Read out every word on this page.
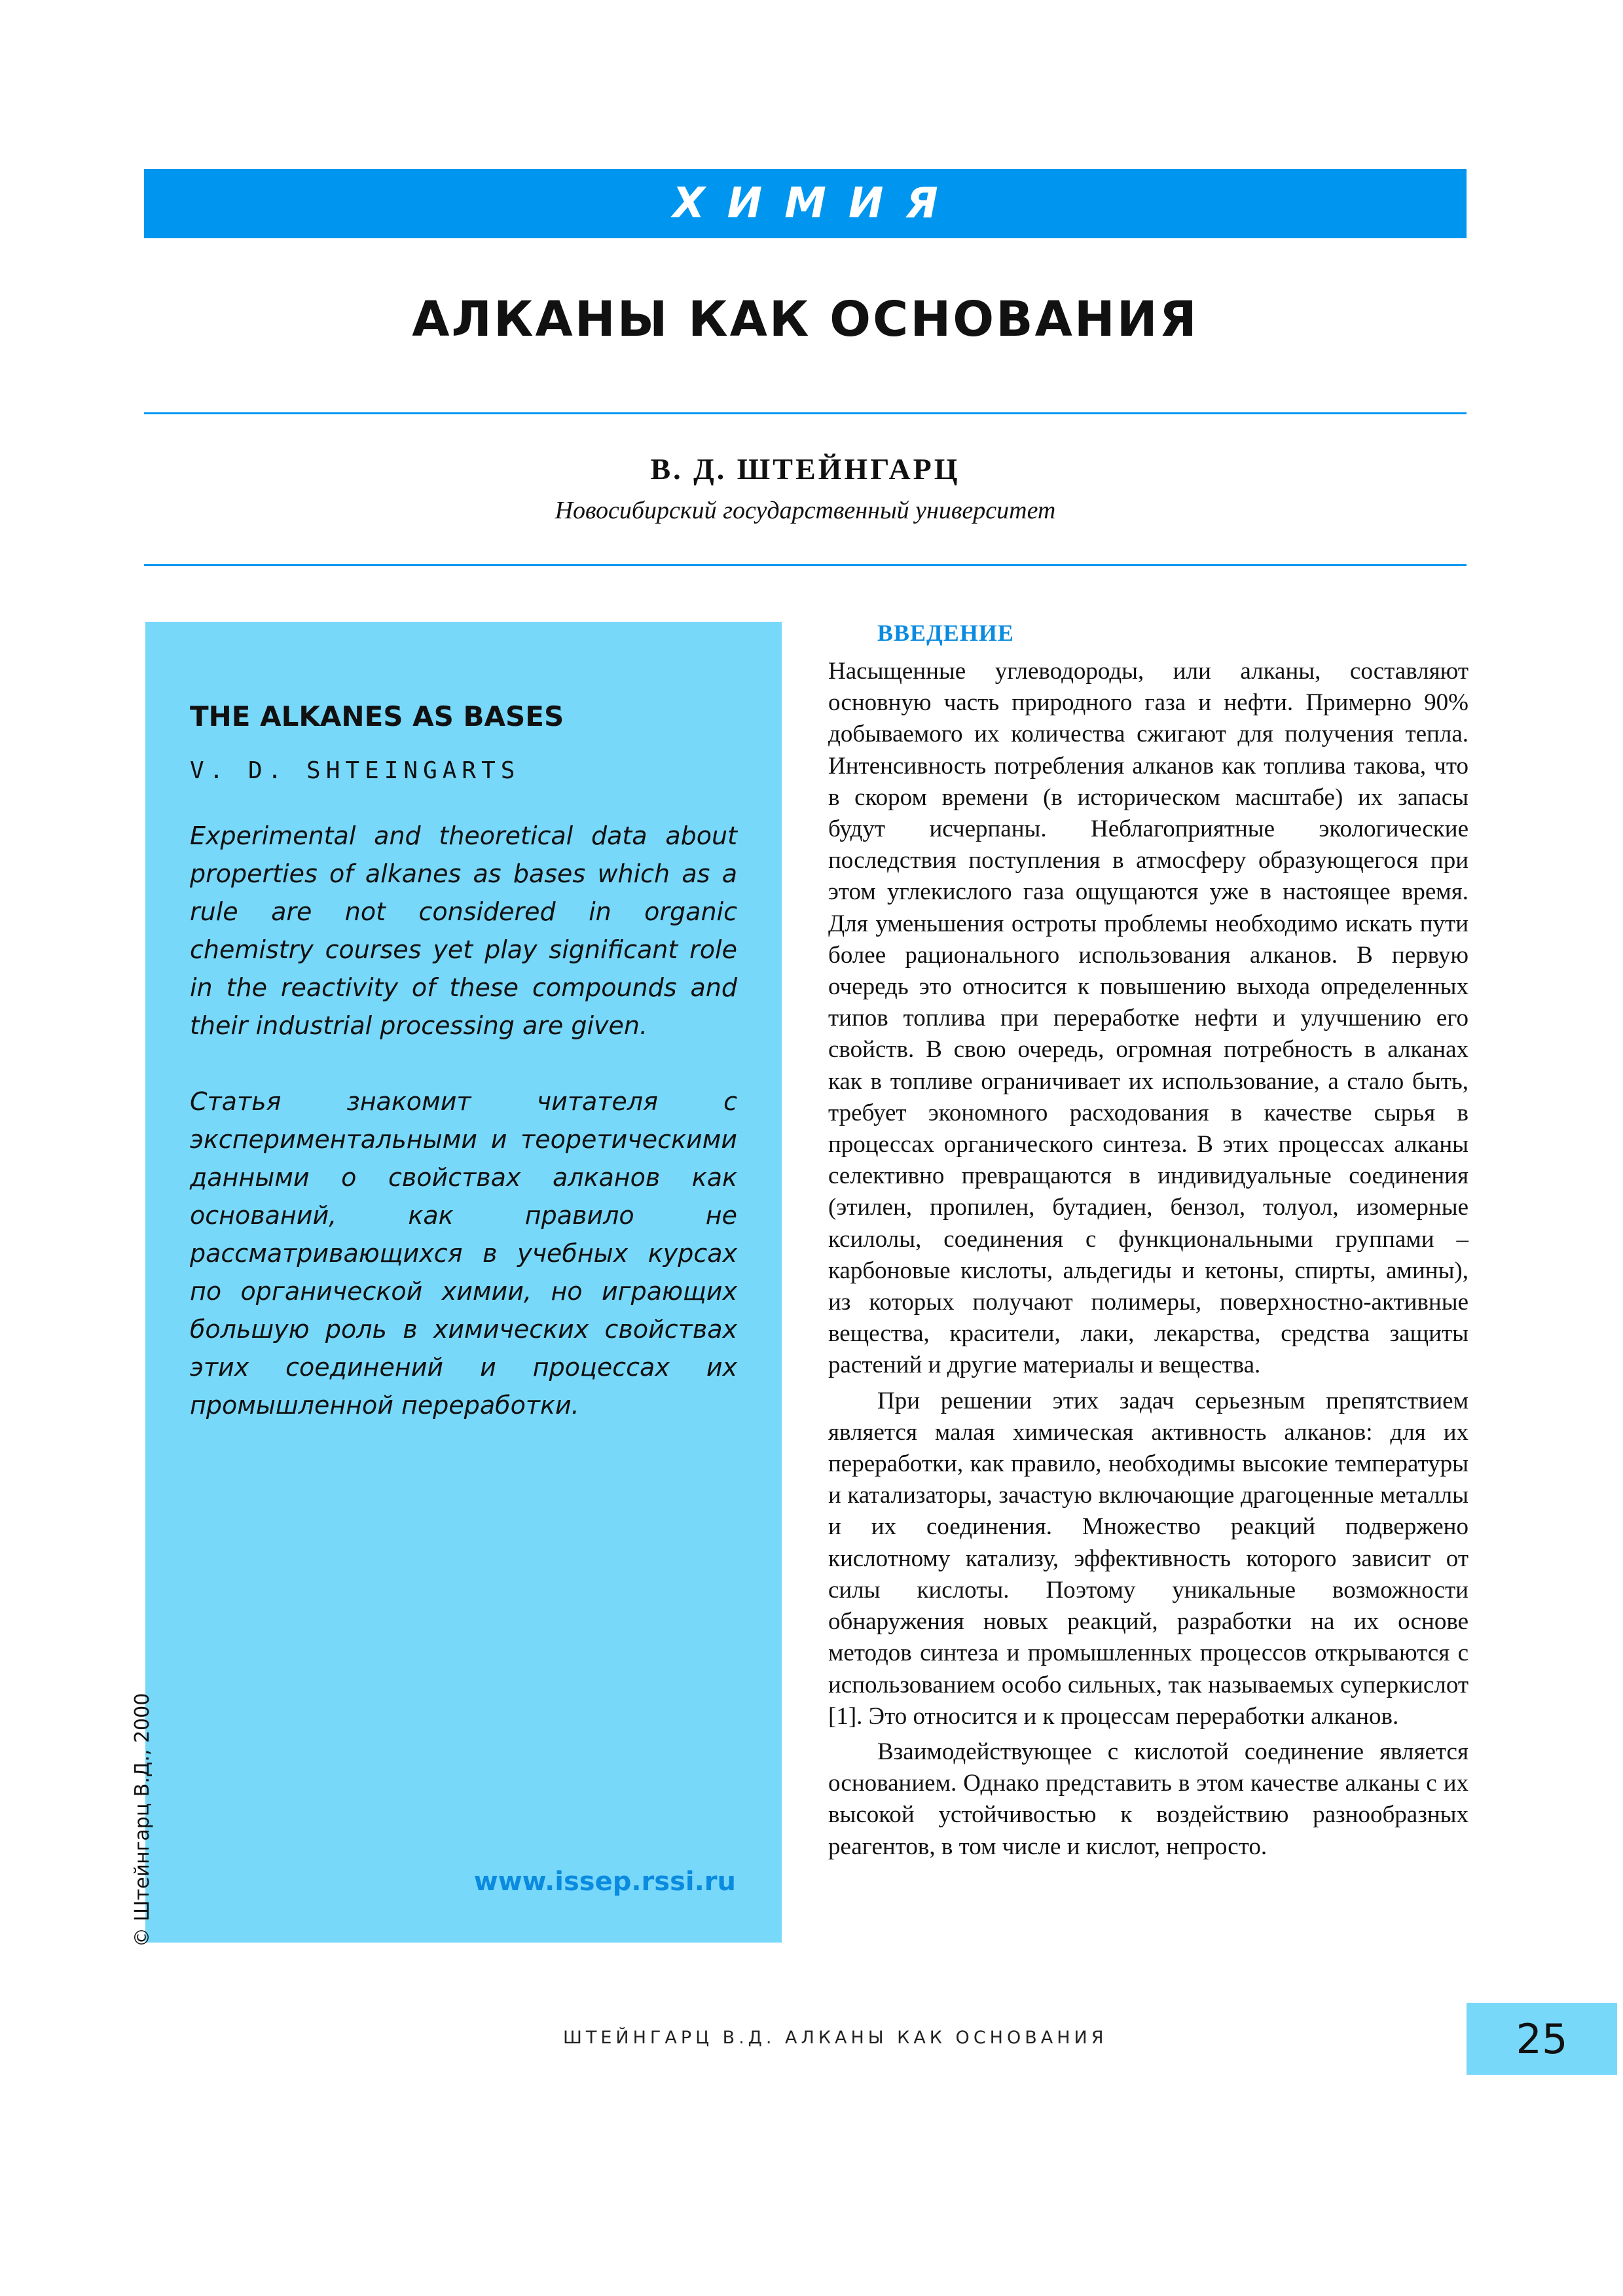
ХИМИЯ
АЛКАНЫ КАК ОСНОВАНИЯ
В. Д. ШТЕЙНГАРЦ
Новосибирский государственный университет
THE ALKANES AS BASES
V. D. SHTEINGARTS
Experimental and theoretical data about properties of alkanes as bases which as a rule are not considered in organic chemistry courses yet play significant role in the reactivity of these compounds and their industrial processing are given.
Статья знакомит читателя с экспериментальными и теоретическими данными о свойствах алканов как оснований, как правило не рассматривающихся в учебных курсах по органической химии, но играющих большую роль в химических свойствах этих соединений и процессах их промышленной переработки.
www.issep.rssi.ru
© Штейнгарц В.Д., 2000
ВВЕДЕНИЕ

Насыщенные углеводороды, или алканы, составляют основную часть природного газа и нефти. Примерно 90% добываемого их количества сжигают для получения тепла. Интенсивность потребления алканов как топлива такова, что в скором времени (в историческом масштабе) их запасы будут исчерпаны. Неблагоприятные экологические последствия поступления в атмосферу образующегося при этом углекислого газа ощущаются уже в настоящее время. Для уменьшения остроты проблемы необходимо искать пути более рационального использования алканов. В первую очередь это относится к повышению выхода определенных типов топлива при переработке нефти и улучшению его свойств. В свою очередь, огромная потребность в алканах как в топливе ограничивает их использование, а стало быть, требует экономного расходования в качестве сырья в процессах органического синтеза. В этих процессах алканы селективно превращаются в индивидуальные соединения (этилен, пропилен, бутадиен, бензол, толуол, изомерные ксилолы, соединения с функциональными группами – карбоновые кислоты, альдегиды и кетоны, спирты, амины), из которых получают полимеры, поверхностно-активные вещества, красители, лаки, лекарства, средства защиты растений и другие материалы и вещества.

При решении этих задач серьезным препятствием является малая химическая активность алканов: для их переработки, как правило, необходимы высокие температуры и катализаторы, зачастую включающие драгоценные металлы и их соединения. Множество реакций подвержено кислотному катализу, эффективность которого зависит от силы кислоты. Поэтому уникальные возможности обнаружения новых реакций, разработки на их основе методов синтеза и промышленных процессов открываются с использованием особо сильных, так называемых суперкислот [1]. Это относится и к процессам переработки алканов.

Взаимодействующее с кислотой соединение является основанием. Однако представить в этом качестве алканы с их высокой устойчивостью к воздействию разнообразных реагентов, в том числе и кислот, непросто.

ШТЕЙНГАРЦ В.Д. АЛКАНЫ КАК ОСНОВАНИЯ	25
